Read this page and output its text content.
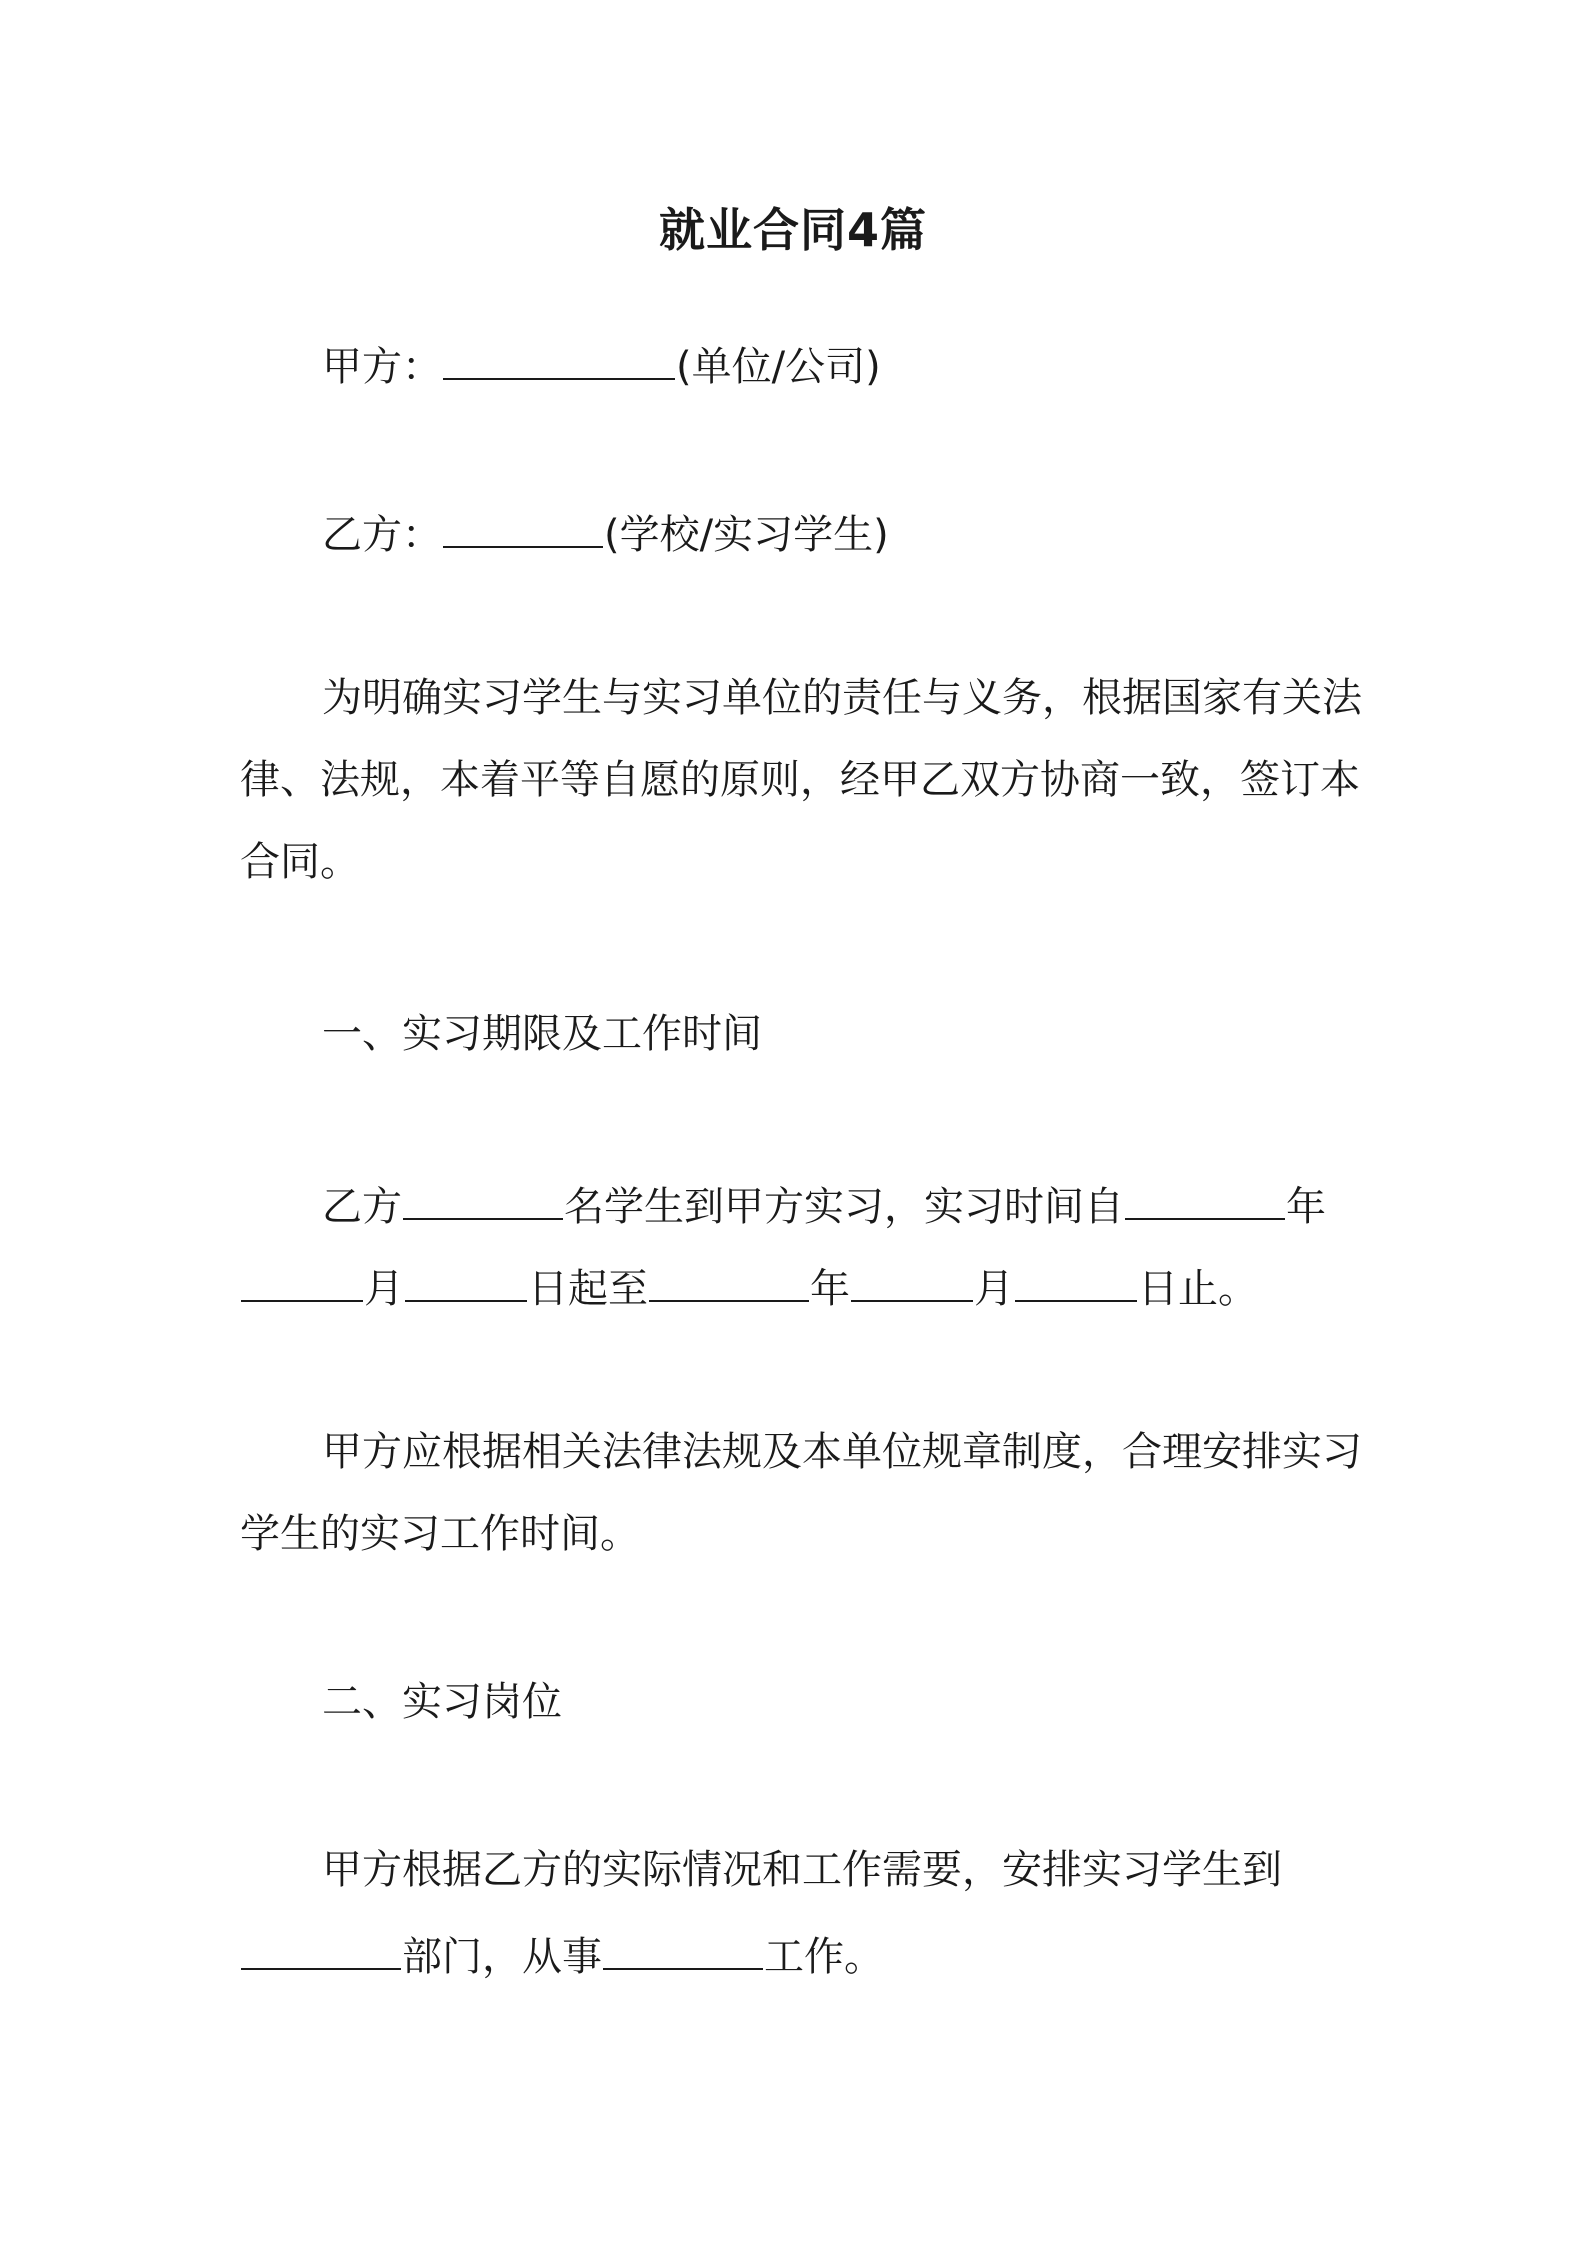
就业合同4篇
甲方：	(单位/公司)
乙方：	(学校/实习学生)
为明确实习学生与实习单位的责任与义务，根据国家有关法
律、法规，本着平等自愿的原则，经甲乙双方协商一致，签订本
合同。
一、实习期限及工作时间
乙方	名学生到甲方实习，实习时间自	年
月	日起至	年	月	日止。
甲方应根据相关法律法规及本单位规章制度，合理安排实习
学生的实习工作时间。
二、实习岗位
甲方根据乙方的实际情况和工作需要，安排实习学生到
部门，从事	工作。
